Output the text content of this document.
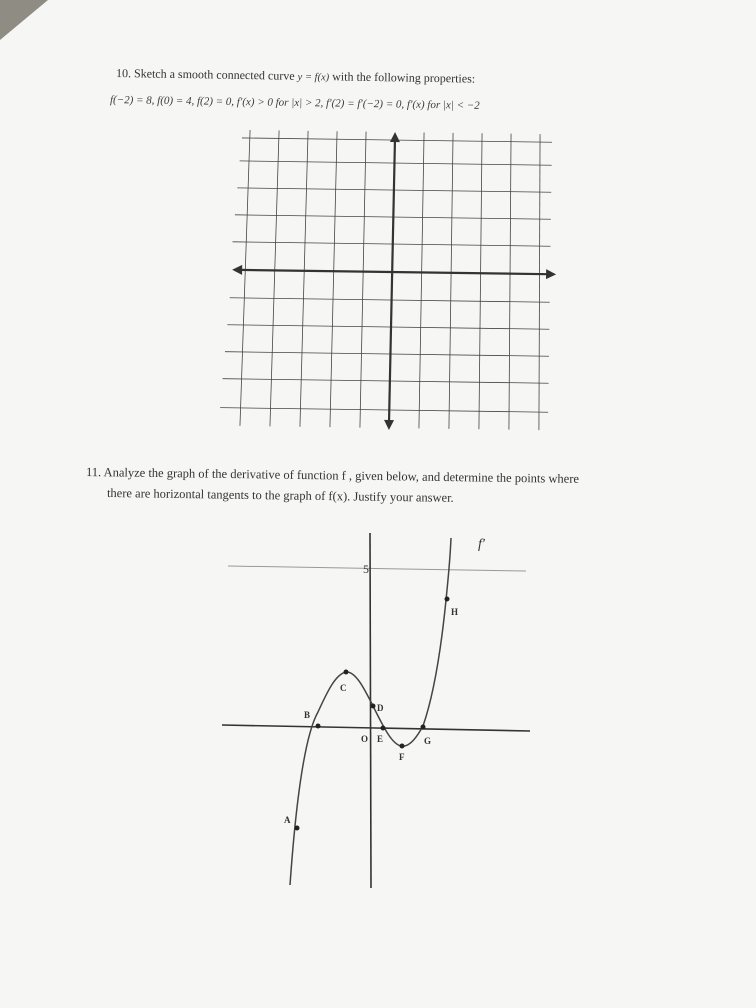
10. Sketch a smooth connected curve y = f(x) with the following properties:
f(−2) = 8, f(0) = 4, f(2) = 0, f′(x) > 0 for |x| > 2, f′(2) = f′(−2) = 0, f′(x) for |x| < −2
11. Analyze the graph of the derivative of function f , given below, and determine the points where
there are horizontal tangents to the graph of f(x). Justify your answer.
5
f′
A
B
C
D
O E
F
G
H
